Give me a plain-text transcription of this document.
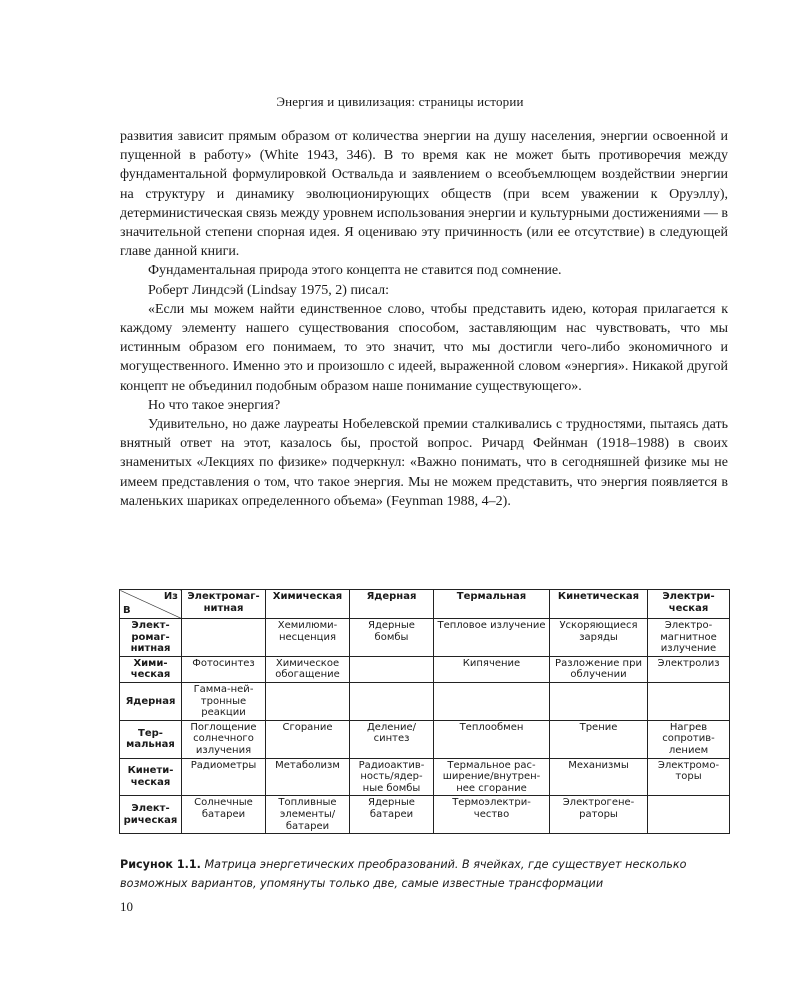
Энергия и цивилизация: страницы истории

развития зависит прямым образом от количества энергии на душу населения, энергии освоенной и пущенной в работу» (White 1943, 346). В то время как не может быть противоречия между фундаментальной формулировкой Оствальда и заявлением о всеобъемлющем воздействии энергии на структуру и динамику эволюционирующих обществ (при всем уважении к Оруэллу), детерминистическая связь между уровнем использования энергии и культурными достижениями — в значительной степени спорная идея. Я оцениваю эту причинность (или ее отсутствие) в следующей главе данной книги.

Фундаментальная природа этого концепта не ставится под сомнение.

Роберт Линдсэй (Lindsay 1975, 2) писал:

«Если мы можем найти единственное слово, чтобы представить идею, которая прилагается к каждому элементу нашего существования способом, заставляющим нас чувствовать, что мы истинным образом его понимаем, то это значит, что мы достигли чего-либо экономичного и могущественного. Именно это и произошло с идеей, выраженной словом «энергия». Никакой другой концепт не объединил подобным образом наше понимание существующего».

Но что такое энергия?

Удивительно, но даже лауреаты Нобелевской премии сталкивались с трудностями, пытаясь дать внятный ответ на этот, казалось бы, простой вопрос. Ричард Фейнман (1918–1988) в своих знаменитых «Лекциях по физике» подчеркнул: «Важно понимать, что в сегодняшней физике мы не имеем представления о том, что такое энергия. Мы не можем представить, что энергия появляется в маленьких шариках определенного объема» (Feynman 1988, 4–2).

Из
В	Электромагнитная	Химическая	Ядерная	Термальная	Кинетическая	Электрическая
Электромагнитная		Хемилюминесценция	Ядерные бомбы	Тепловое излучение	Ускоряющиеся заряды	Электромагнитное излучение
Химическая	Фотосинтез	Химическое обогащение		Кипячение	Разложение при облучении	Электролиз
Ядерная	Гамма-нейтронные реакции					
Термальная	Поглощение солнечного излучения	Сгорание	Деление/ синтез	Теплообмен	Трение	Нагрев сопротивлением
Кинетическая	Радиометры	Метаболизм	Радиоактивность/ядерные бомбы	Термальное расширение/внутреннее сгорание	Механизмы	Электромоторы
Электрическая	Солнечные батареи	Топливные элементы/ батареи	Ядерные батареи	Термоэлектричество	Электрогенераторы	
Рисунок 1.1. Матрица энергетических преобразований. В ячейках, где существует несколько возможных вариантов, упомянуты только две, самые известные трансформации
10
